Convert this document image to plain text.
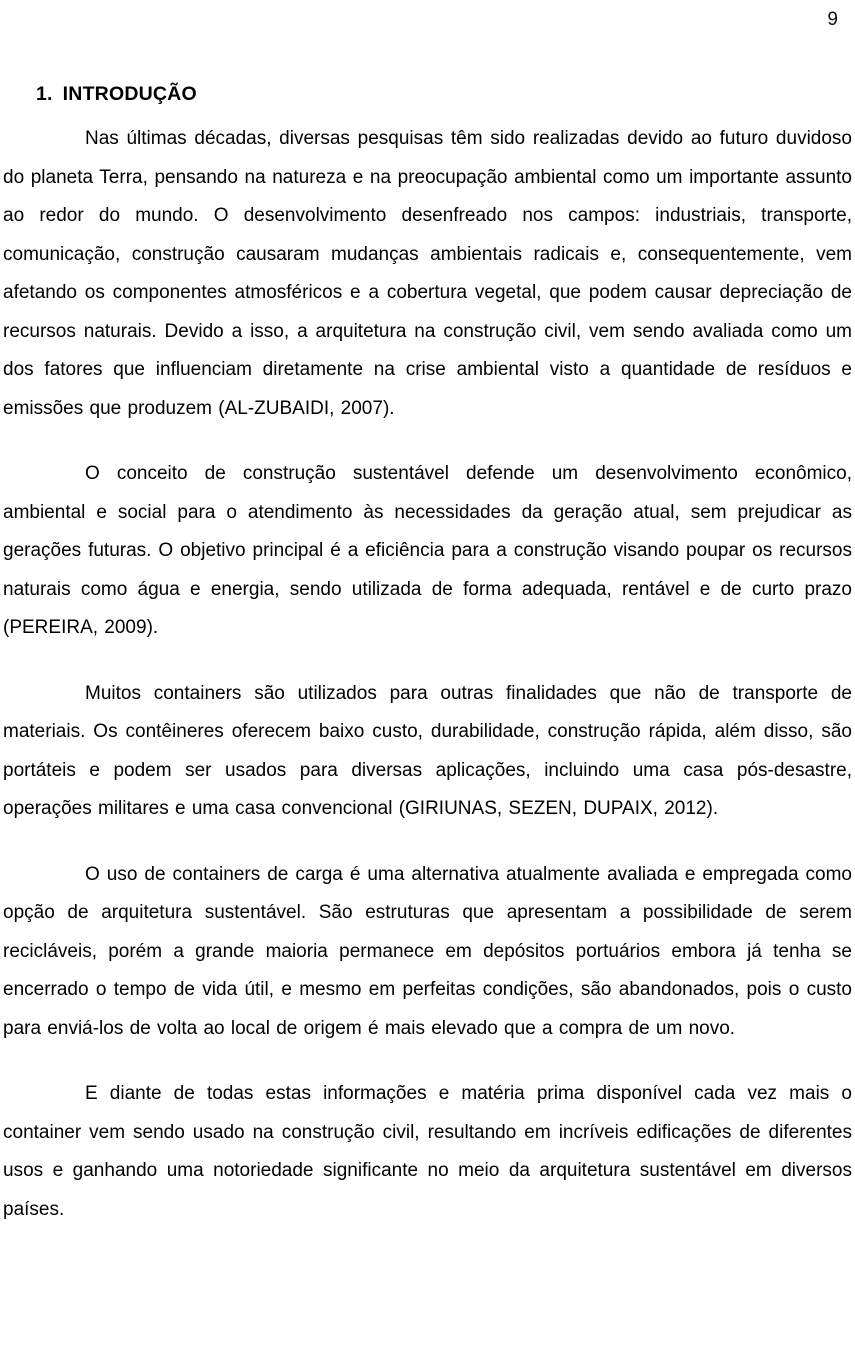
9
1. INTRODUÇÃO

Nas últimas décadas, diversas pesquisas têm sido realizadas devido ao futuro duvidoso do planeta Terra, pensando na natureza e na preocupação ambiental como um importante assunto ao redor do mundo. O desenvolvimento desenfreado nos campos: industriais, transporte, comunicação, construção causaram mudanças ambientais radicais e, consequentemente, vem afetando os componentes atmosféricos e a cobertura vegetal, que podem causar depreciação de recursos naturais. Devido a isso, a arquitetura na construção civil, vem sendo avaliada como um dos fatores que influenciam diretamente na crise ambiental visto a quantidade de resíduos e emissões que produzem (AL-ZUBAIDI, 2007).

O conceito de construção sustentável defende um desenvolvimento econômico, ambiental e social para o atendimento às necessidades da geração atual, sem prejudicar as gerações futuras. O objetivo principal é a eficiência para a construção visando poupar os recursos naturais como água e energia, sendo utilizada de forma adequada, rentável e de curto prazo (PEREIRA, 2009).

Muitos containers são utilizados para outras finalidades que não de transporte de materiais. Os contêineres oferecem baixo custo, durabilidade, construção rápida, além disso, são portáteis e podem ser usados para diversas aplicações, incluindo uma casa pós-desastre, operações militares e uma casa convencional (GIRIUNAS, SEZEN, DUPAIX, 2012).

O uso de containers de carga é uma alternativa atualmente avaliada e empregada como opção de arquitetura sustentável. São estruturas que apresentam a possibilidade de serem recicláveis, porém a grande maioria permanece em depósitos portuários embora já tenha se encerrado o tempo de vida útil, e mesmo em perfeitas condições, são abandonados, pois o custo para enviá-los de volta ao local de origem é mais elevado que a compra de um novo.

E diante de todas estas informações e matéria prima disponível cada vez mais o container vem sendo usado na construção civil, resultando em incríveis edificações de diferentes usos e ganhando uma notoriedade significante no meio da arquitetura sustentável em diversos países.
